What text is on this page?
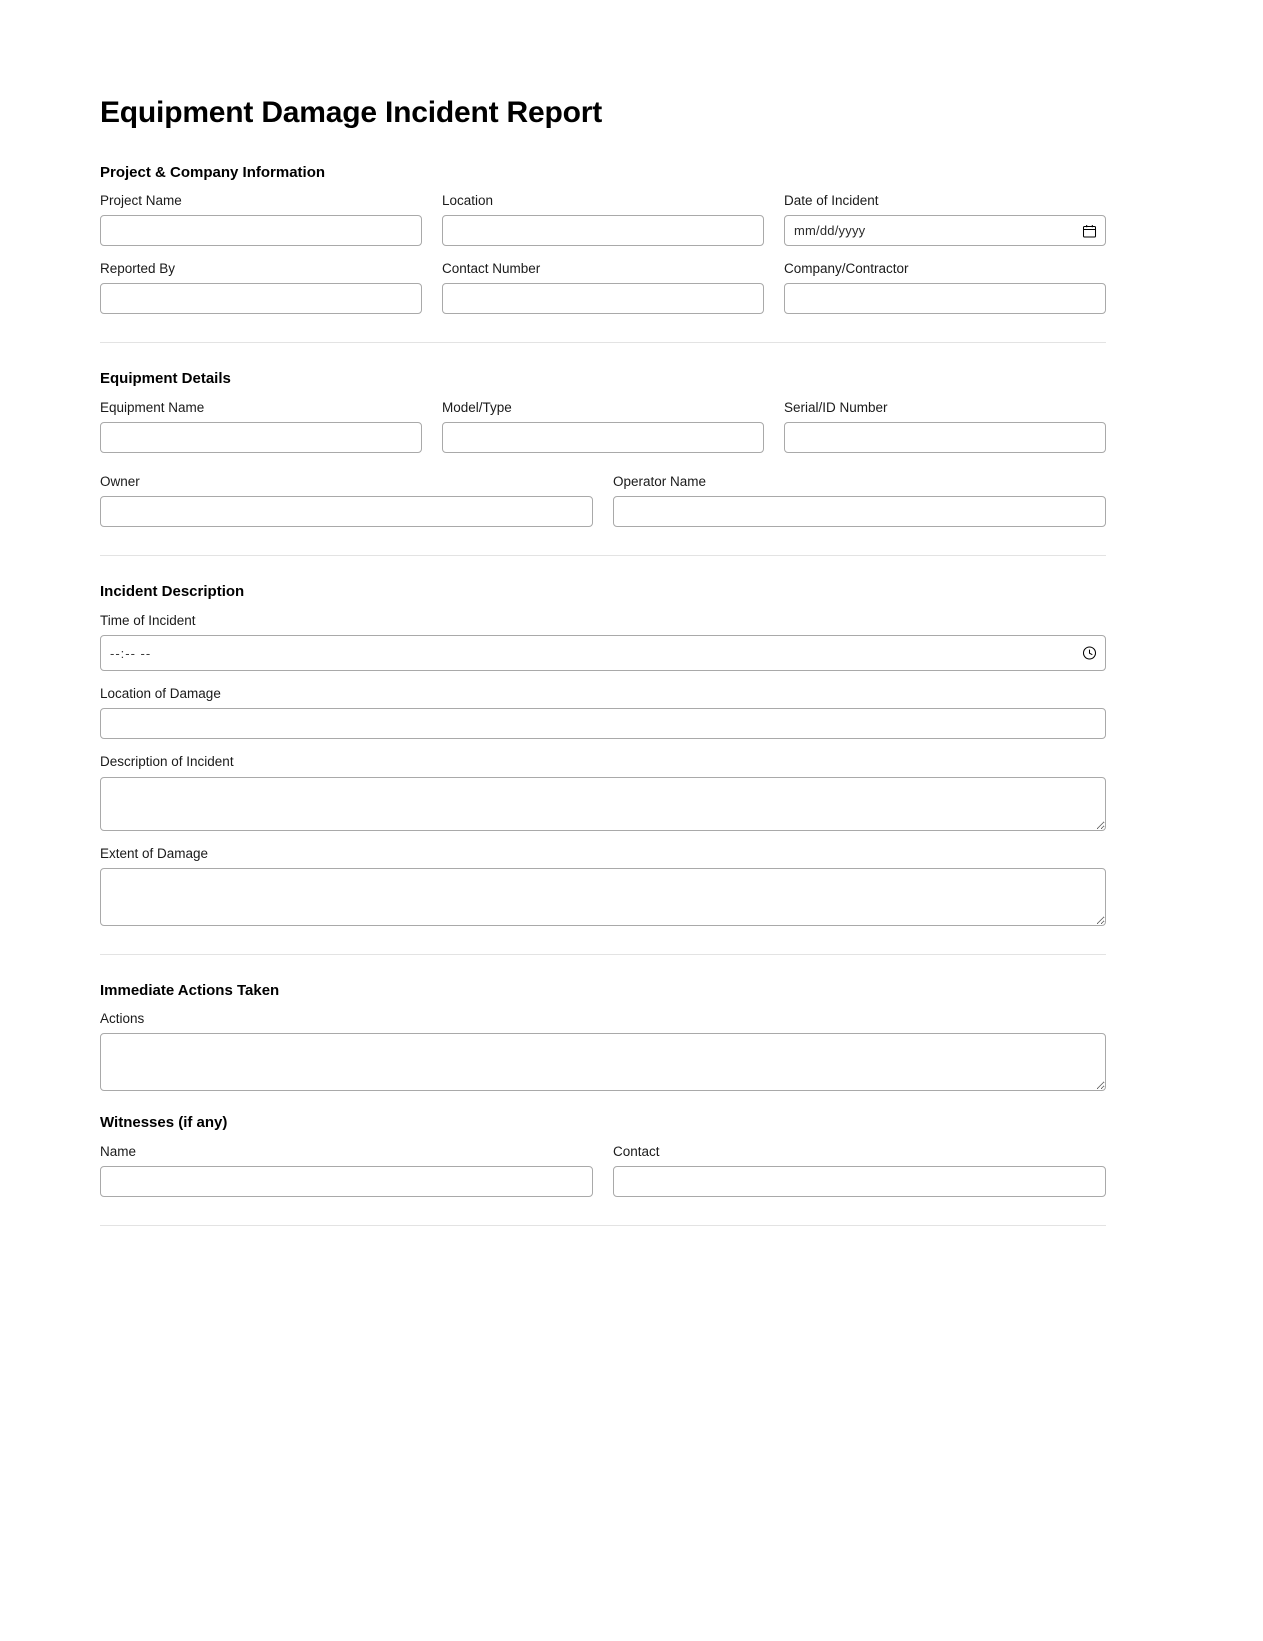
Equipment Damage Incident Report
Project & Company Information
Project Name	Location	Date of Incident
mm/dd/yyyy
Reported By	Contact Number	Company/Contractor
Equipment Details
Equipment Name	Model/Type	Serial/ID Number
Owner	Operator Name
Incident Description
Time of Incident
--:-- --
Location of Damage
Description of Incident
Extent of Damage
Immediate Actions Taken
Actions
Witnesses (if any)
Name	Contact
